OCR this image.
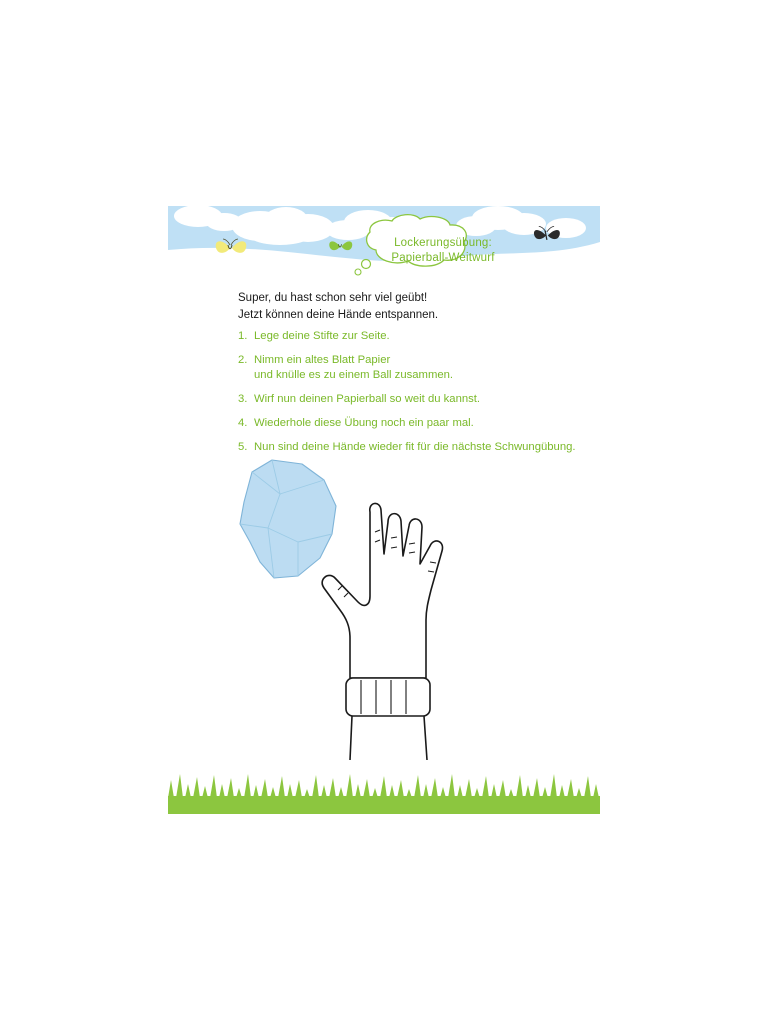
Lockerungsübung:
Papierball-Weitwurf
Super, du hast schon sehr viel geübt!
Jetzt können deine Hände entspannen.
1. Lege deine Stifte zur Seite.
2. Nimm ein altes Blatt Papier
und knülle es zu einem Ball zusammen.
3. Wirf nun deinen Papierball so weit du kannst.
4. Wiederhole diese Übung noch ein paar mal.
5. Nun sind deine Hände wieder fit für die nächste Schwungübung.
